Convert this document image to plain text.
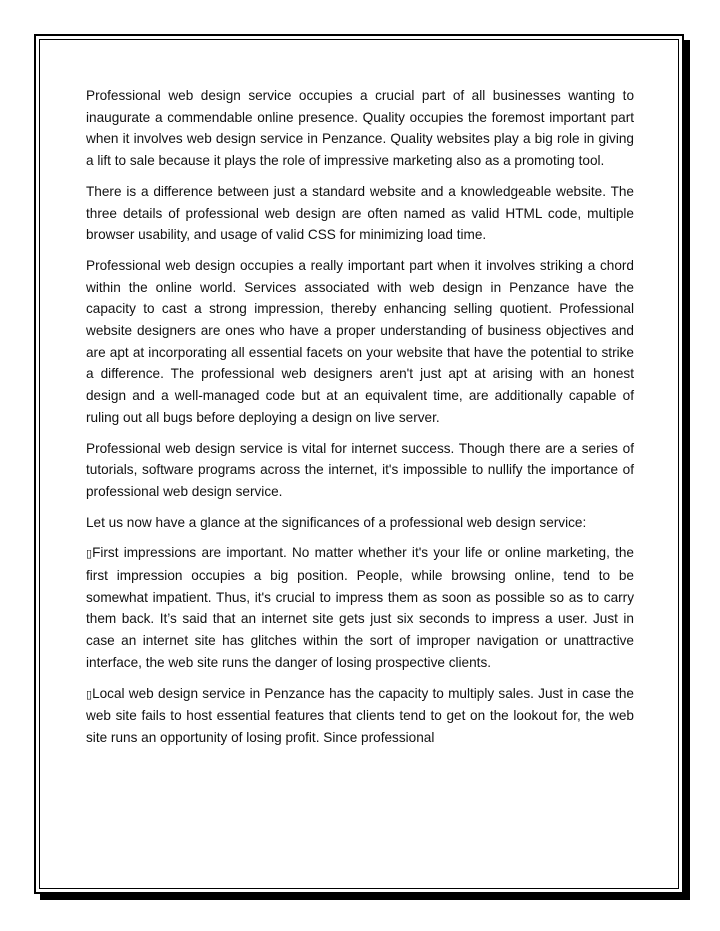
Professional web design service occupies a crucial part of all businesses wanting to inaugurate a commendable online presence. Quality occupies the foremost important part when it involves web design service in Penzance. Quality websites play a big role in giving a lift to sale because it plays the role of impressive marketing also as a promoting tool.

There is a difference between just a standard website and a knowledgeable website. The three details of professional web design are often named as valid HTML code, multiple browser usability, and usage of valid CSS for minimizing load time.

Professional web design occupies a really important part when it involves striking a chord within the online world. Services associated with web design in Penzance have the capacity to cast a strong impression, thereby enhancing selling quotient. Professional website designers are ones who have a proper understanding of business objectives and are apt at incorporating all essential facets on your website that have the potential to strike a difference. The professional web designers aren't just apt at arising with an honest design and a well-managed code but at an equivalent time, are additionally capable of ruling out all bugs before deploying a design on live server.

Professional web design service is vital for internet success. Though there are a series of tutorials, software programs across the internet, it's impossible to nullify the importance of professional web design service.

Let us now have a glance at the significances of a professional web design service:

▯First impressions are important. No matter whether it's your life or online marketing, the first impression occupies a big position. People, while browsing online, tend to be somewhat impatient. Thus, it's crucial to impress them as soon as possible so as to carry them back. It’s said that an internet site gets just six seconds to impress a user. Just in case an internet site has glitches within the sort of improper navigation or unattractive interface, the web site runs the danger of losing prospective clients.

▯Local web design service in Penzance has the capacity to multiply sales. Just in case the web site fails to host essential features that clients tend to get on the lookout for, the web site runs an opportunity of losing profit. Since professional
